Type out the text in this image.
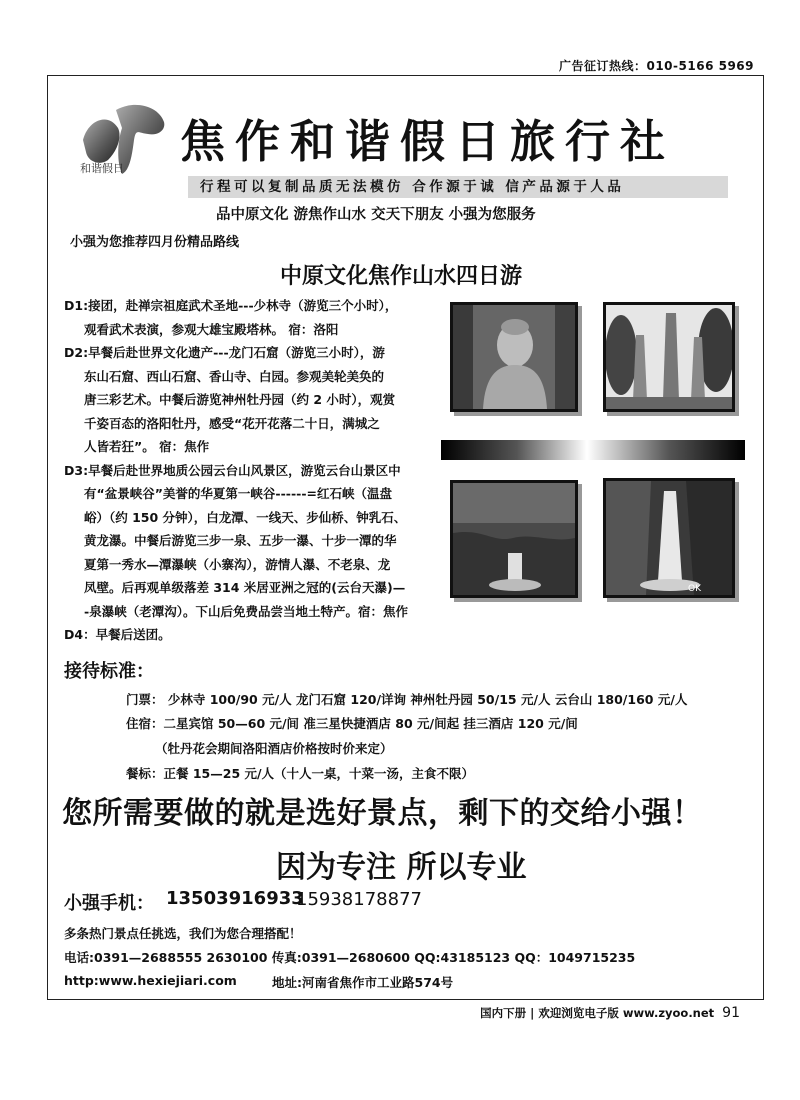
广告征订热线：010-5166 5969
和谐假日
焦作和谐假日旅行社
行程可以复制品质无法模仿 合作源于诚 信产品源于人品
品中原文化 游焦作山水 交天下朋友 小强为您服务
小强为您推荐四月份精品路线
中原文化焦作山水四日游
D1:接团，赴禅宗祖庭武术圣地---少林寺（游览三个小时），
观看武术表演，参观大雄宝殿塔林。 宿：洛阳
D2:早餐后赴世界文化遗产---龙门石窟（游览三小时），游
东山石窟、西山石窟、香山寺、白园。参观美轮美奂的
唐三彩艺术。中餐后游览神州牡丹园（约 2 小时），观赏
千姿百态的洛阳牡丹，感受“花开花落二十日，满城之
人皆若狂”。 宿：焦作
D3:早餐后赴世界地质公园云台山风景区，游览云台山景区中
有“盆景峡谷”美誉的华夏第一峡谷------=红石峡（温盘
峪）（约 150 分钟），白龙潭、一线天、步仙桥、钟乳石、
黄龙瀑。中餐后游览三步一泉、五步一瀑、十步一潭的华
夏第一秀水—潭瀑峡（小寨沟），游情人瀑、不老泉、龙
凤壁。后再观单级落差 314 米居亚洲之冠的(云台天瀑)—
-泉瀑峡（老潭沟）。下山后免费品尝当地土特产。宿：焦作
D4：早餐后送团。
OK
接待标准：
门票： 少林寺 100/90 元/人 龙门石窟 120/详询 神州牡丹园 50/15 元/人 云台山 180/160 元/人
住宿：二星宾馆 50—60 元/间 准三星快捷酒店 80 元/间起 挂三酒店 120 元/间
（牡丹花会期间洛阳酒店价格按时价来定）
餐标：正餐 15—25 元/人（十人一桌，十菜一汤，主食不限）
您所需要做的就是选好景点，剩下的交给小强！
因为专注 所以专业
小强手机： 13503916933
15938178877
多条热门景点任挑选，我们为您合理搭配！
电话:0391—2688555 2630100 传真:0391—2680600 QQ:43185123 QQ：1049715235
http:www.hexiejiari.com	地址:河南省焦作市工业路574号
国内下册 | 欢迎浏览电子版 www.zyoo.net 91
